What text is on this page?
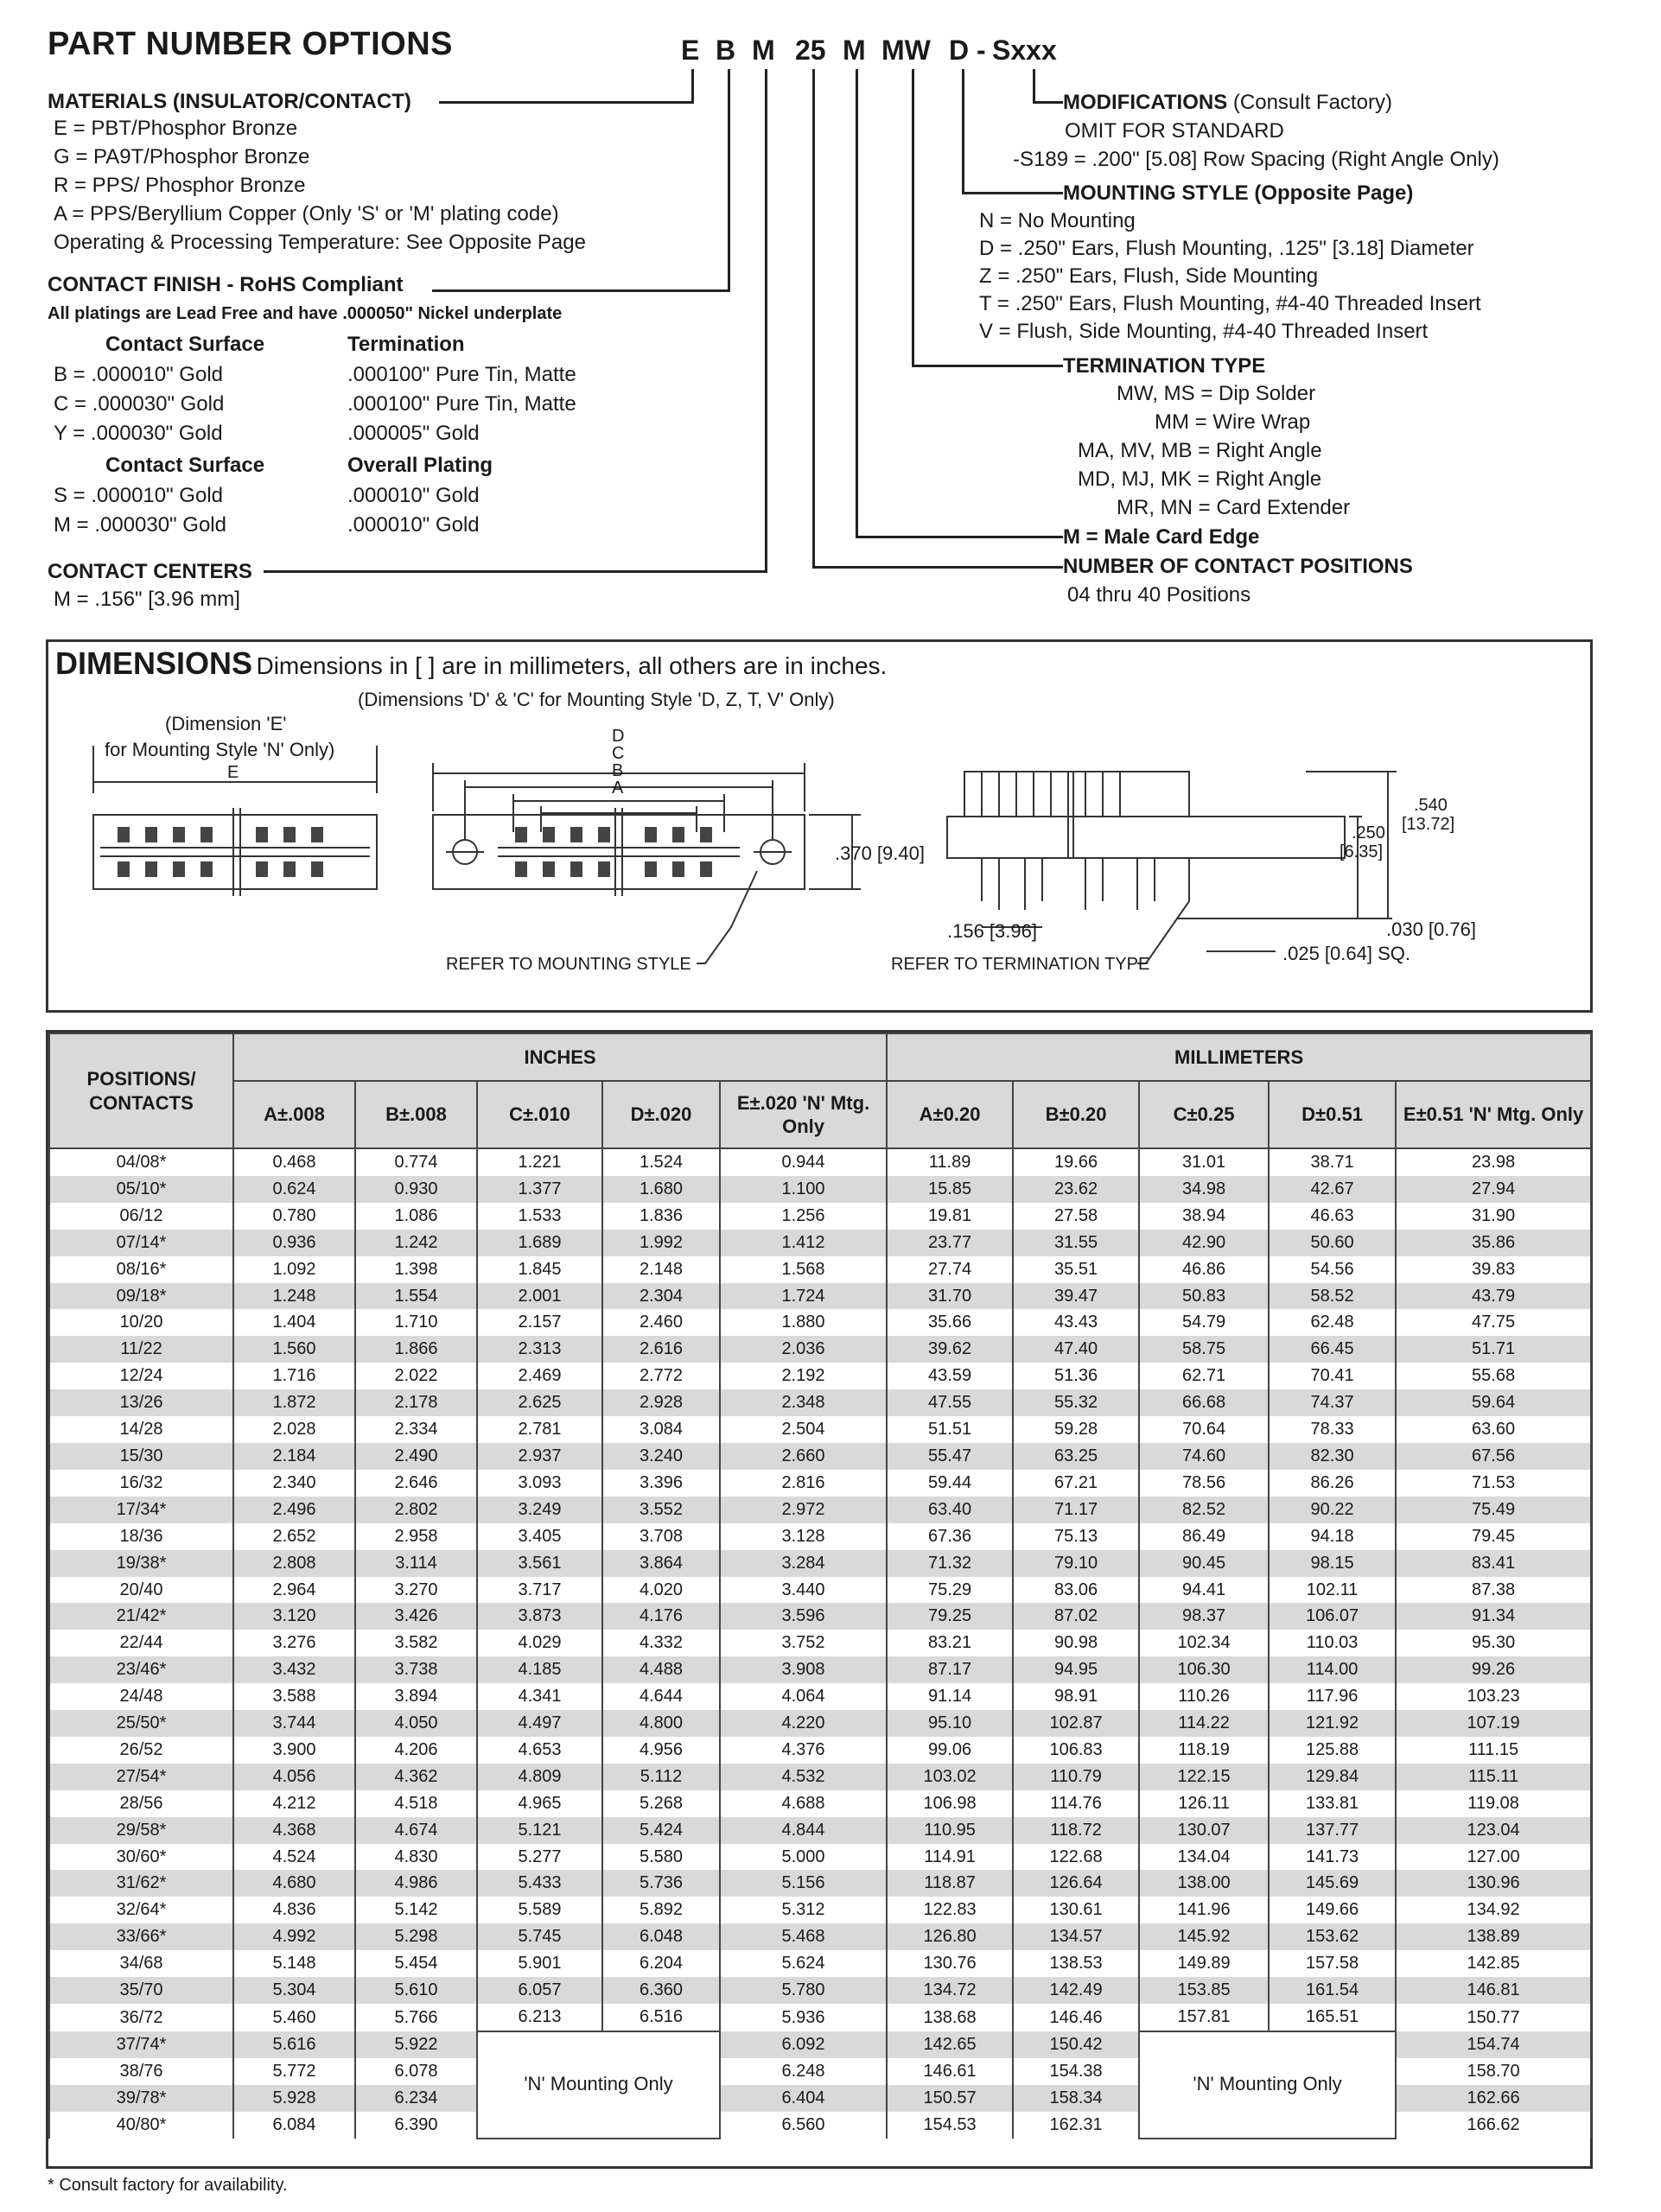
PART NUMBER OPTIONS	E B M 25 M MW D - Sxxx
MATERIALS (INSULATOR/CONTACT)
E = PBT/Phosphor Bronze
G = PA9T/Phosphor Bronze
R = PPS/ Phosphor Bronze
A = PPS/Beryllium Copper (Only 'S' or 'M' plating code)
Operating & Processing Temperature: See Opposite Page
CONTACT FINISH - RoHS Compliant
All platings are Lead Free and have .000050" Nickel underplate
Contact Surface	Termination
B = .000010" Gold	.000100" Pure Tin, Matte
C = .000030" Gold	.000100" Pure Tin, Matte
Y = .000030" Gold	.000005" Gold
Contact Surface	Overall Plating
S = .000010" Gold	.000010" Gold
M = .000030" Gold	.000010" Gold
CONTACT CENTERS
M = .156" [3.96 mm]
MODIFICATIONS (Consult Factory)
OMIT FOR STANDARD
-S189 = .200" [5.08] Row Spacing (Right Angle Only)
MOUNTING STYLE (Opposite Page)
N = No Mounting
D = .250" Ears, Flush Mounting, .125" [3.18] Diameter
Z = .250" Ears, Flush, Side Mounting
T = .250" Ears, Flush Mounting, #4-40 Threaded Insert
V = Flush, Side Mounting, #4-40 Threaded Insert
TERMINATION TYPE
MW, MS = Dip Solder
MM = Wire Wrap
MA, MV, MB = Right Angle
MD, MJ, MK = Right Angle
MR, MN = Card Extender
M = Male Card Edge
NUMBER OF CONTACT POSITIONS
04 thru 40 Positions
DIMENSIONS Dimensions in [ ] are in millimeters, all others are in inches.
(Dimension 'E'
for Mounting Style 'N' Only)
(Dimensions 'D' & 'C' for Mounting Style 'D, Z, T, V' Only)
E
D
C
B
A
.370 [9.40]
REFER TO MOUNTING STYLE	REFER TO TERMINATION TYPE
.540
[13.72]
.250
[6.35]
.030 [0.76]
.156 [3.96]
.025 [0.64] SQ.
POSITIONS/ CONTACTS	INCHES					MILLIMETERS				
	A±.008	B±.008	C±.010	D±.020	E±.020 'N' Mtg. Only	A±0.20	B±0.20	C±0.25	D±0.51	E±0.51 'N' Mtg. Only
04/08*	0.468	0.774	1.221	1.524	0.944	11.89	19.66	31.01	38.71	23.98
05/10*	0.624	0.930	1.377	1.680	1.100	15.85	23.62	34.98	42.67	27.94
06/12	0.780	1.086	1.533	1.836	1.256	19.81	27.58	38.94	46.63	31.90
07/14*	0.936	1.242	1.689	1.992	1.412	23.77	31.55	42.90	50.60	35.86
08/16*	1.092	1.398	1.845	2.148	1.568	27.74	35.51	46.86	54.56	39.83
09/18*	1.248	1.554	2.001	2.304	1.724	31.70	39.47	50.83	58.52	43.79
10/20	1.404	1.710	2.157	2.460	1.880	35.66	43.43	54.79	62.48	47.75
11/22	1.560	1.866	2.313	2.616	2.036	39.62	47.40	58.75	66.45	51.71
12/24	1.716	2.022	2.469	2.772	2.192	43.59	51.36	62.71	70.41	55.68
13/26	1.872	2.178	2.625	2.928	2.348	47.55	55.32	66.68	74.37	59.64
14/28	2.028	2.334	2.781	3.084	2.504	51.51	59.28	70.64	78.33	63.60
15/30	2.184	2.490	2.937	3.240	2.660	55.47	63.25	74.60	82.30	67.56
16/32	2.340	2.646	3.093	3.396	2.816	59.44	67.21	78.56	86.26	71.53
17/34*	2.496	2.802	3.249	3.552	2.972	63.40	71.17	82.52	90.22	75.49
18/36	2.652	2.958	3.405	3.708	3.128	67.36	75.13	86.49	94.18	79.45
19/38*	2.808	3.114	3.561	3.864	3.284	71.32	79.10	90.45	98.15	83.41
20/40	2.964	3.270	3.717	4.020	3.440	75.29	83.06	94.41	102.11	87.38
21/42*	3.120	3.426	3.873	4.176	3.596	79.25	87.02	98.37	106.07	91.34
22/44	3.276	3.582	4.029	4.332	3.752	83.21	90.98	102.34	110.03	95.30
23/46*	3.432	3.738	4.185	4.488	3.908	87.17	94.95	106.30	114.00	99.26
24/48	3.588	3.894	4.341	4.644	4.064	91.14	98.91	110.26	117.96	103.23
25/50*	3.744	4.050	4.497	4.800	4.220	95.10	102.87	114.22	121.92	107.19
26/52	3.900	4.206	4.653	4.956	4.376	99.06	106.83	118.19	125.88	111.15
27/54*	4.056	4.362	4.809	5.112	4.532	103.02	110.79	122.15	129.84	115.11
28/56	4.212	4.518	4.965	5.268	4.688	106.98	114.76	126.11	133.81	119.08
29/58*	4.368	4.674	5.121	5.424	4.844	110.95	118.72	130.07	137.77	123.04
30/60*	4.524	4.830	5.277	5.580	5.000	114.91	122.68	134.04	141.73	127.00
31/62*	4.680	4.986	5.433	5.736	5.156	118.87	126.64	138.00	145.69	130.96
32/64*	4.836	5.142	5.589	5.892	5.312	122.83	130.61	141.96	149.66	134.92
33/66*	4.992	5.298	5.745	6.048	5.468	126.80	134.57	145.92	153.62	138.89
34/68	5.148	5.454	5.901	6.204	5.624	130.76	138.53	149.89	157.58	142.85
35/70	5.304	5.610	6.057	6.360	5.780	134.72	142.49	153.85	161.54	146.81
36/72	5.460	5.766	6.213	6.516	5.936	138.68	146.46	157.81	165.51	150.77
37/74*	5.616	5.922	'N' Mounting Only		6.092	142.65	150.42	'N' Mounting Only		154.74
38/76	5.772	6.078			6.248	146.61	154.38			158.70
39/78*	5.928	6.234			6.404	150.57	158.34			162.66
40/80*	6.084	6.390			6.560	154.53	162.31			166.62
* Consult factory for availability.
